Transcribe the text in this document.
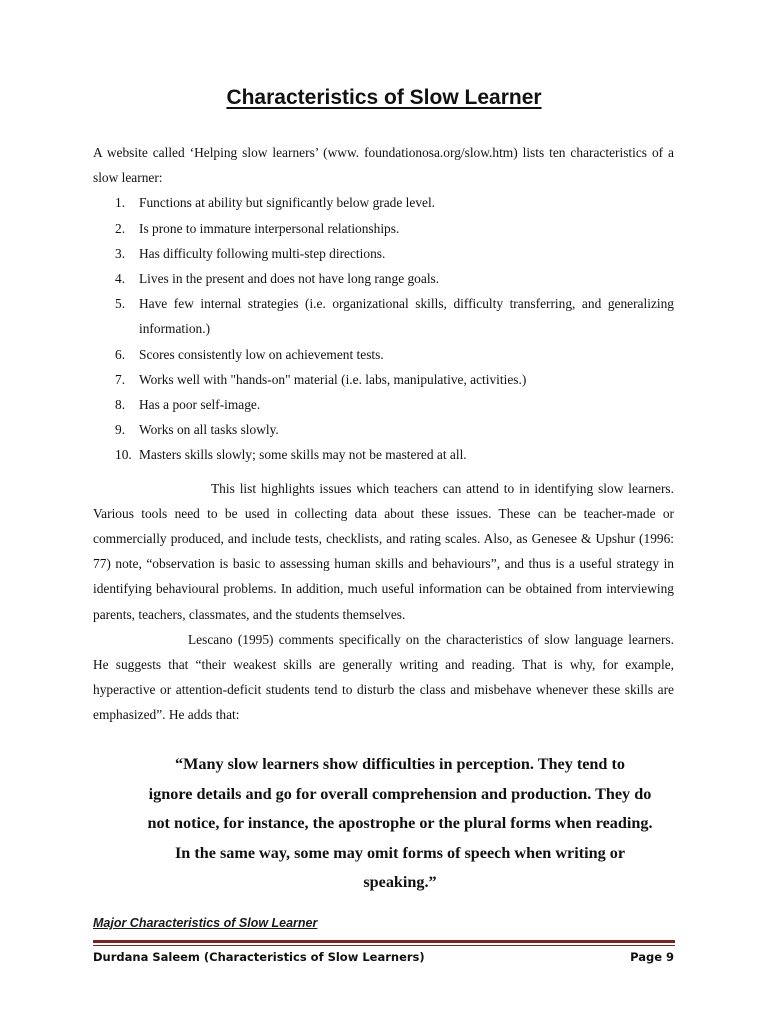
Characteristics of Slow Learner

A website called ‘Helping slow learners’ (www. foundationosa.org/slow.htm) lists ten characteristics of a slow learner:

1. Functions at ability but significantly below grade level.
2. Is prone to immature interpersonal relationships.
3. Has difficulty following multi-step directions.
4. Lives in the present and does not have long range goals.
5. Have few internal strategies (i.e. organizational skills, difficulty transferring, and generalizing information.)
6. Scores consistently low on achievement tests.
7. Works well with "hands-on" material (i.e. labs, manipulative, activities.)
8. Has a poor self-image.
9. Works on all tasks slowly.
10. Masters skills slowly; some skills may not be mastered at all.

This list highlights issues which teachers can attend to in identifying slow learners. Various tools need to be used in collecting data about these issues. These can be teacher-made or commercially produced, and include tests, checklists, and rating scales. Also, as Genesee & Upshur (1996: 77) note, “observation is basic to assessing human skills and behaviours”, and thus is a useful strategy in identifying behavioural problems. In addition, much useful information can be obtained from interviewing parents, teachers, classmates, and the students themselves.

Lescano (1995) comments specifically on the characteristics of slow language learners. He suggests that “their weakest skills are generally writing and reading. That is why, for example, hyperactive or attention-deficit students tend to disturb the class and misbehave whenever these skills are emphasized”. He adds that:

“Many slow learners show difficulties in perception. They tend to
ignore details and go for overall comprehension and production. They do
not notice, for instance, the apostrophe or the plural forms when reading.
In the same way, some may omit forms of speech when writing or
speaking.”

Major Characteristics of Slow Learner

Durdana Saleem (Characteristics of Slow Learners)	Page 9
